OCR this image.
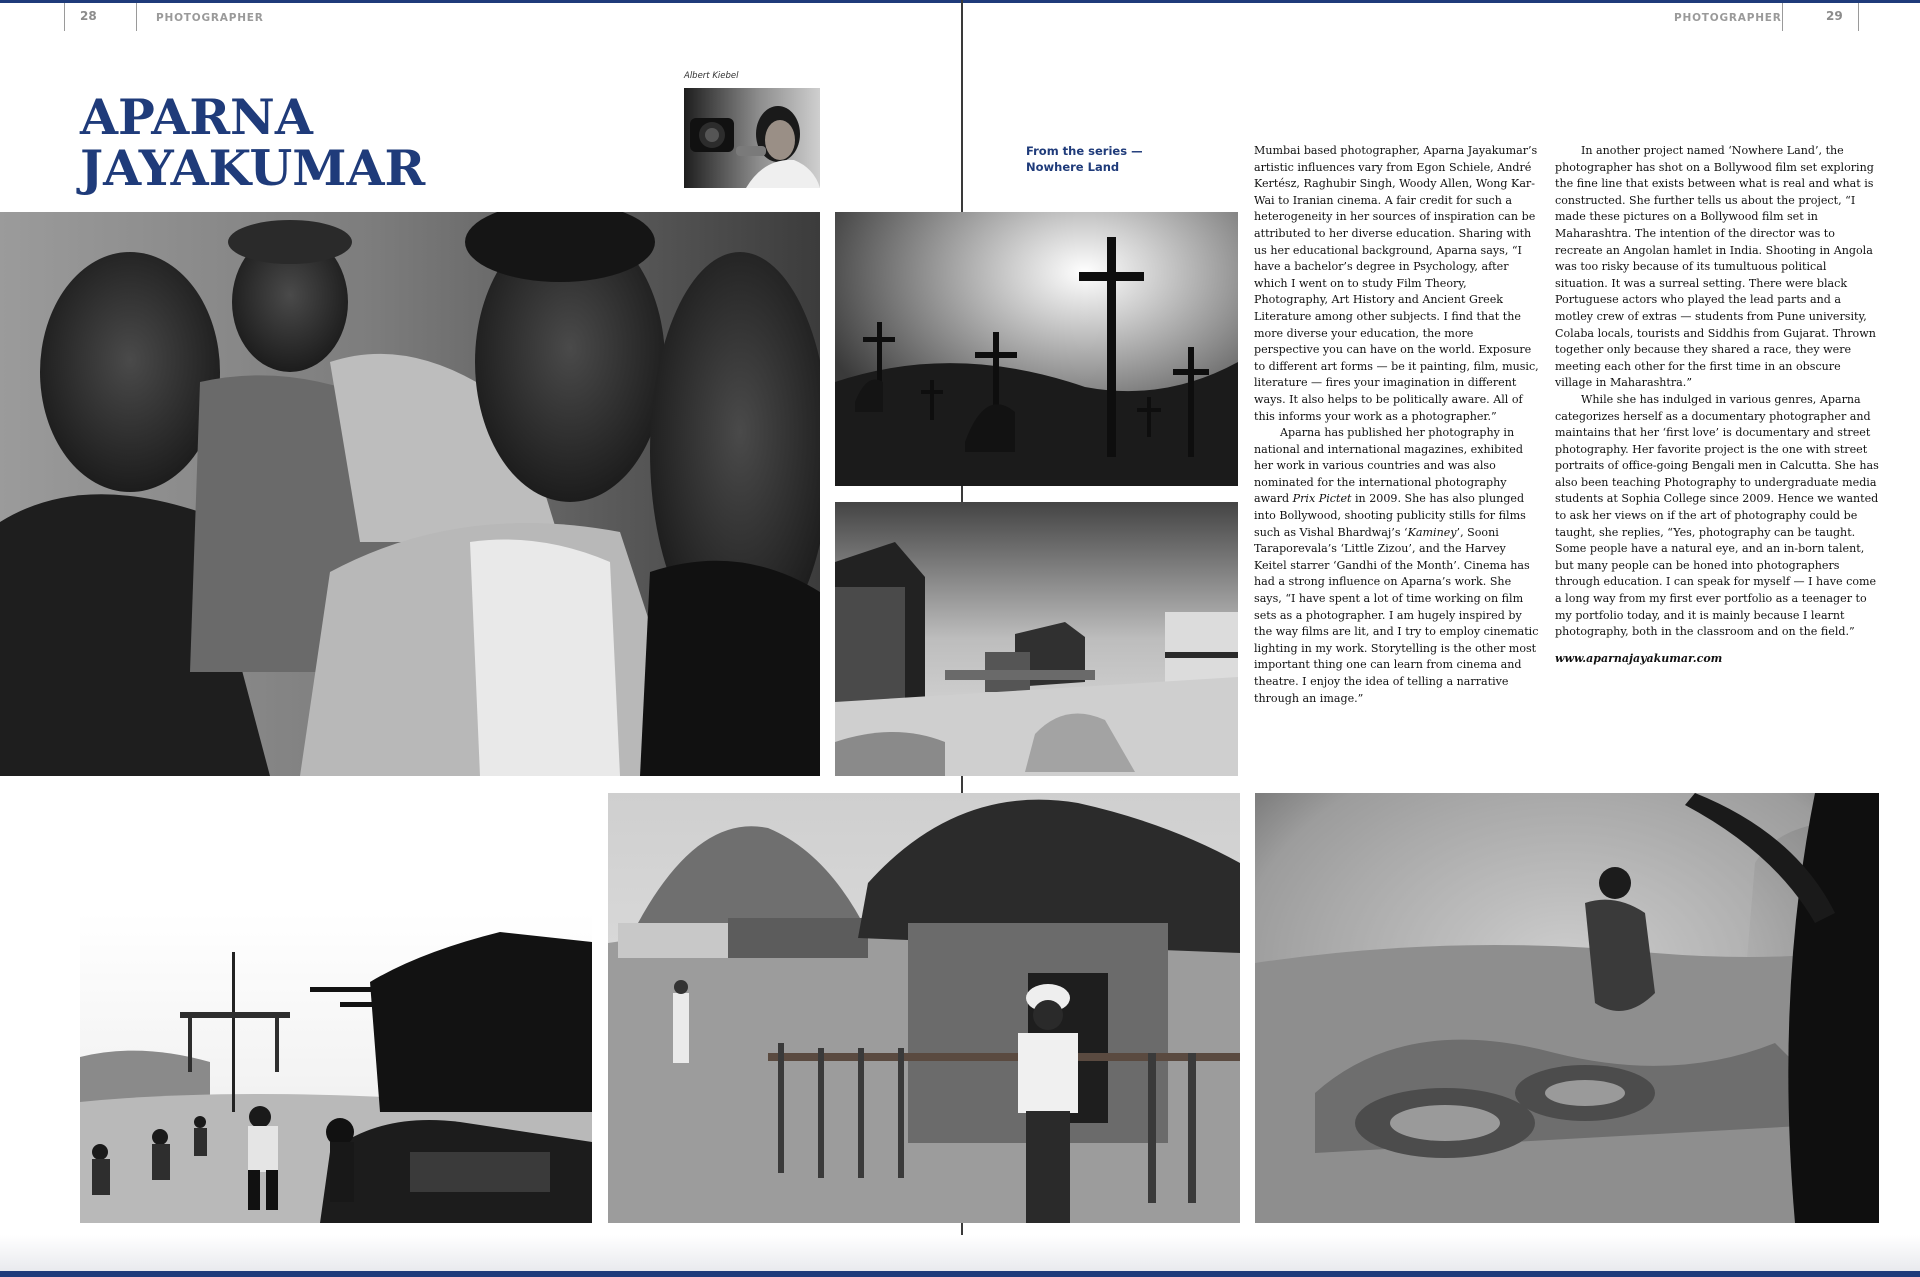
28	PHOTOGRAPHER	PHOTOGRAPHER	29
APARNA
JAYAKUMAR
Albert Kiebel
From the series —
Nowhere Land

Mumbai based photographer, Aparna Jayakumar’s artistic influences vary from Egon Schiele, André Kertész, Raghubir Singh, Woody Allen, Wong Kar-Wai to Iranian cinema. A fair credit for such a heterogeneity in her sources of inspiration can be attributed to her diverse education. Sharing with us her educational background, Aparna says, “I have a bachelor’s degree in Psychology, after which I went on to study Film Theory, Photography, Art History and Ancient Greek Literature among other subjects. I find that the more diverse your education, the more perspective you can have on the world. Exposure to different art forms — be it painting, film, music, literature — fires your imagination in different ways. It also helps to be politically aware. All of this informs your work as a photographer.”

Aparna has published her photography in national and international magazines, exhibited her work in various countries and was also nominated for the international photography award Prix Pictet in 2009. She has also plunged into Bollywood, shooting publicity stills for films such as Vishal Bhardwaj’s ‘Kaminey’, Sooni Taraporevala’s ‘Little Zizou’, and the Harvey Keitel starrer ‘Gandhi of the Month’. Cinema has had a strong influence on Aparna’s work. She says, “I have spent a lot of time working on film sets as a photographer. I am hugely inspired by the way films are lit, and I try to employ cinematic lighting in my work. Storytelling is the other most important thing one can learn from cinema and theatre. I enjoy the idea of telling a narrative through an image.”

In another project named ‘Nowhere Land’, the photographer has shot on a Bollywood film set exploring the fine line that exists between what is real and what is constructed. She further tells us about the project, “I made these pictures on a Bollywood film set in Maharashtra. The intention of the director was to recreate an Angolan hamlet in India. Shooting in Angola was too risky because of its tumultuous political situation. It was a surreal setting. There were black Portuguese actors who played the lead parts and a motley crew of extras — students from Pune university, Colaba locals, tourists and Siddhis from Gujarat. Thrown together only because they shared a race, they were meeting each other for the first time in an obscure village in Maharashtra.”

While she has indulged in various genres, Aparna categorizes herself as a documentary photographer and maintains that her ‘first love’ is documentary and street photography. Her favorite project is the one with street portraits of office-going Bengali men in Calcutta. She has also been teaching Photography to undergraduate media students at Sophia College since 2009. Hence we wanted to ask her views on if the art of photography could be taught, she replies, “Yes, photography can be taught. Some people have a natural eye, and an in-born talent, but many people can be honed into photographers through education. I can speak for myself — I have come a long way from my first ever portfolio as a teenager to my portfolio today, and it is mainly because I learnt photography, both in the classroom and on the field.”

www.aparnajayakumar.com
